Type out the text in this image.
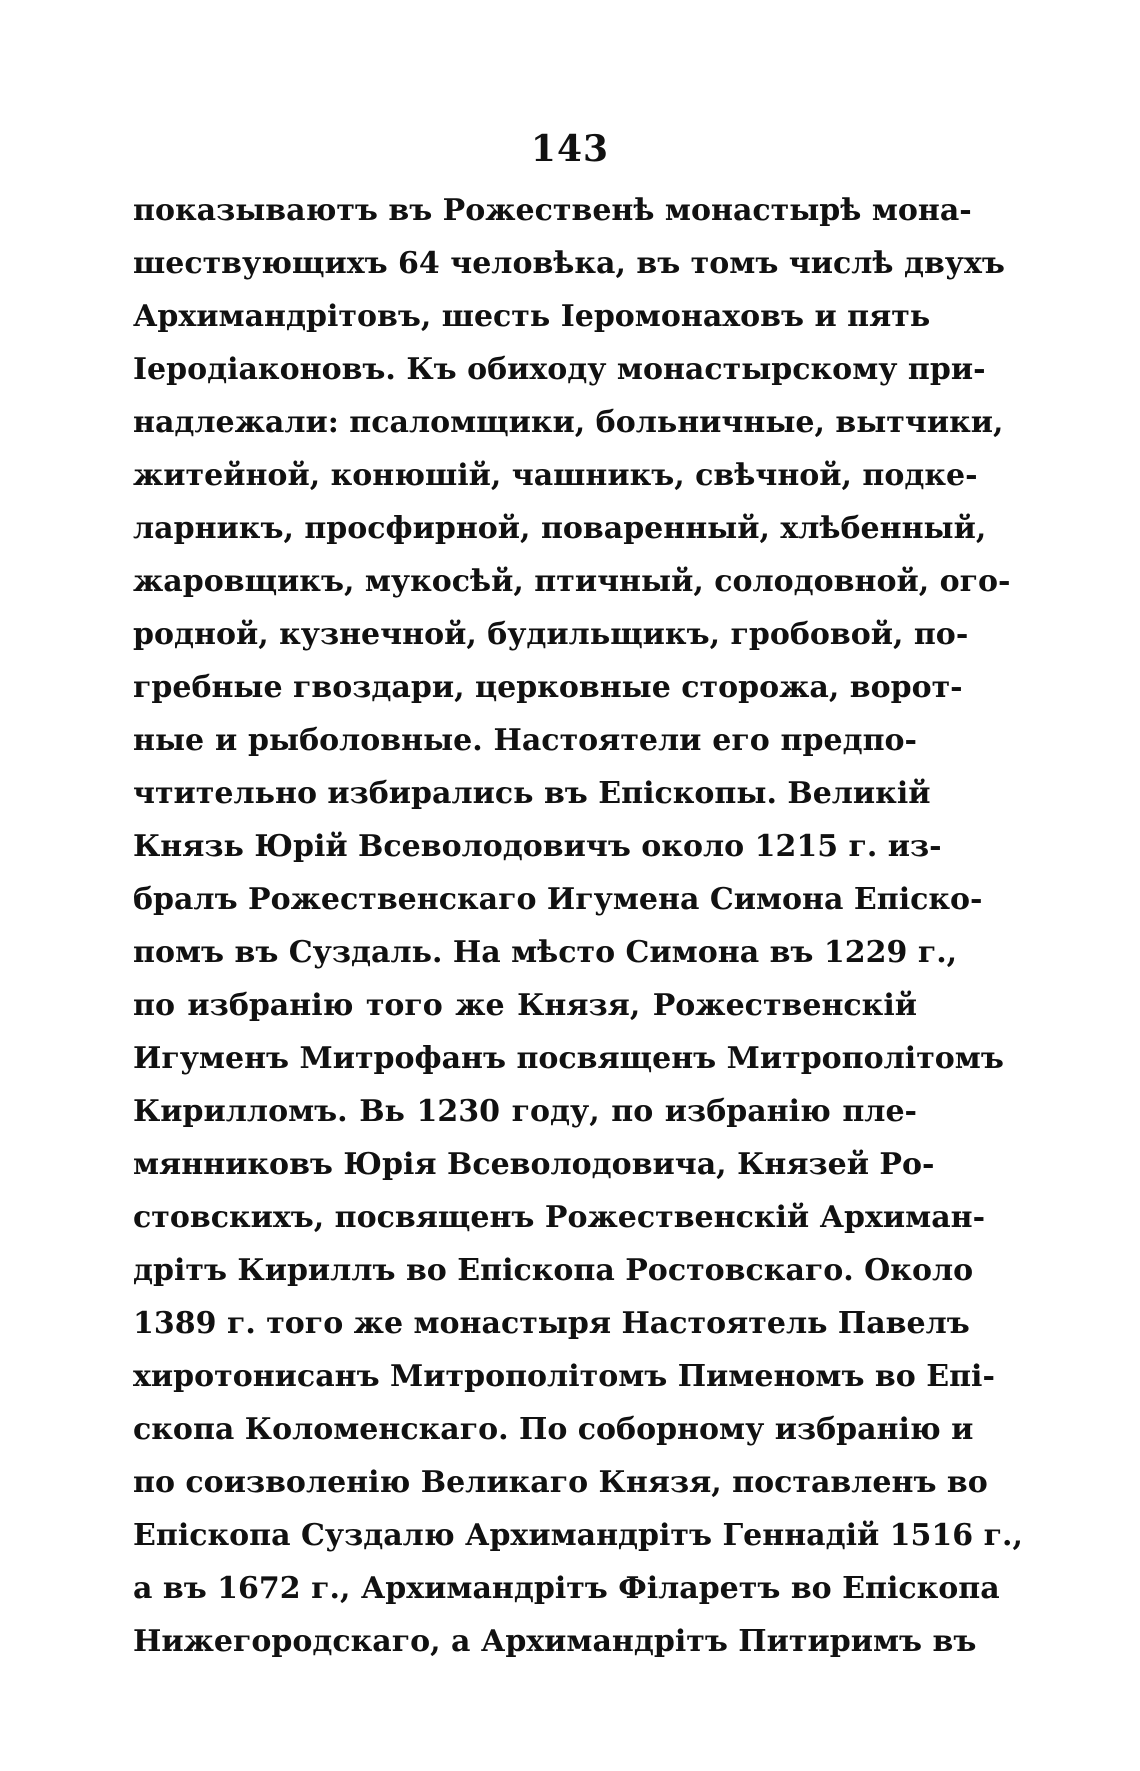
143
показываютъ въ Рожественѣ монастырѣ мона-
шествующихъ 64 человѣка, въ томъ числѣ двухъ
Архимандрітовъ, шесть Іеромонаховъ и пять
Іеродіаконовъ. Къ обиходу монастырскому при-
надлежали: псаломщики, больничные, вытчики,
житейной, конюшій, чашникъ, свѣчной, подке-
ларникъ, просфирной, поваренный, хлѣбенный,
жаровщикъ, мукосѣй, птичный, солодовной, ого-
родной, кузнечной, будильщикъ, гробовой, по-
гребные гвоздари, церковные сторожа, ворот-
ные и рыболовные. Настоятели его предпо-
чтительно избирались въ Епіскопы. Великій
Князь Юрій Всеволодовичъ около 1215 г. из-
бралъ Рожественскаго Игумена Симона Епіско-
помъ въ Суздаль. На мѣсто Симона въ 1229 г.,
по избранію того же Князя, Рожественскій
Игуменъ Митрофанъ посвященъ Митрополітомъ
Кирилломъ. Вь 1230 году, по избранію пле-
мянниковъ Юрія Всеволодовича, Князей Ро-
стовскихъ, посвященъ Рожественскій Архиман-
дрітъ Кириллъ во Епіскопа Ростовскаго. Около
1389 г. того же монастыря Настоятель Павелъ
хиротонисанъ Митрополітомъ Пименомъ во Епі-
скопа Коломенскаго. По соборному избранію и
по соизволенію Великаго Князя, поставленъ во
Епіскопа Суздалю Архимандрітъ Геннадій 1516 г.,
а въ 1672 г., Архимандрітъ Філаретъ во Епіскопа
Нижегородскаго, а Архимандрітъ Питиримъ въ
